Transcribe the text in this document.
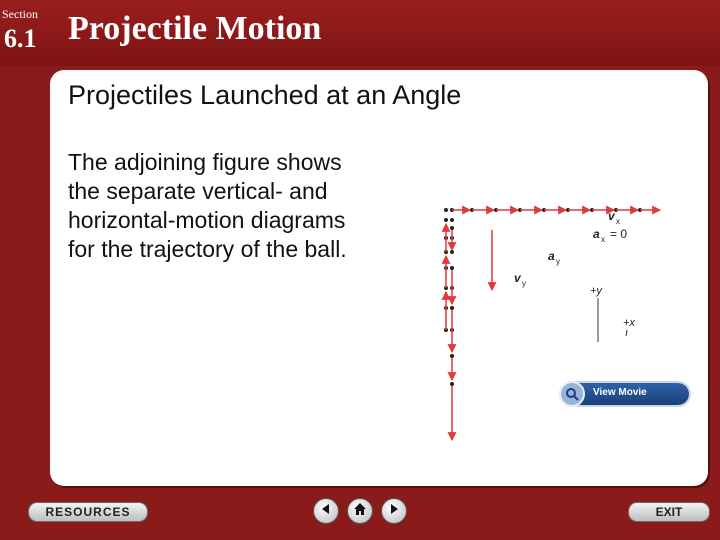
Section
6.1 Projectile Motion
Projectiles Launched at an Angle
The adjoining figure shows the separate vertical- and horizontal-motion diagrams for the trajectory of the ball.
v x
a x = 0
a y
v y
+y
+x
View Movie
RESOURCES	EXIT
